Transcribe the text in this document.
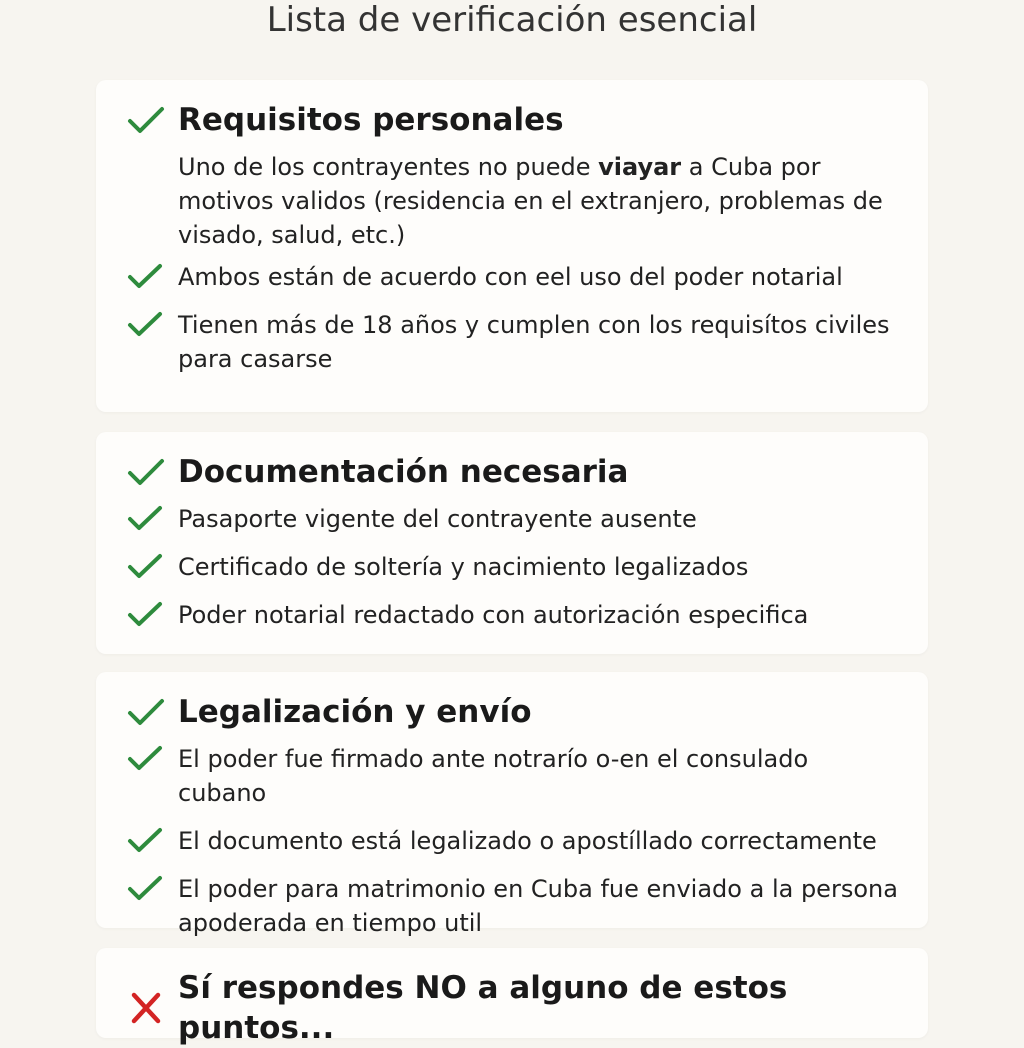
Lista de verificación esencial
Requisitos personales

Uno de los contrayentes no puede viayar a Cuba por motivos validos (residencia en el extranjero, problemas de visado, salud, etc.)

Ambos están de acuerdo con eel uso del poder notarial
Tienen más de 18 años y cumplen con los requisítos civiles para casarse
Documentación necesaria
Pasaporte vigente del contrayente ausente
Certificado de soltería y nacimiento legalizados
Poder notarial redactado con autorización especifica
Legalización y envío
El poder fue firmado ante notrarío o-en el consulado cubano
El documento está legalizado o apostíllado correctamente
El poder para matrimonio en Cuba fue enviado a la persona apoderada en tiempo util
Sí respondes NO a alguno de estos puntos...
